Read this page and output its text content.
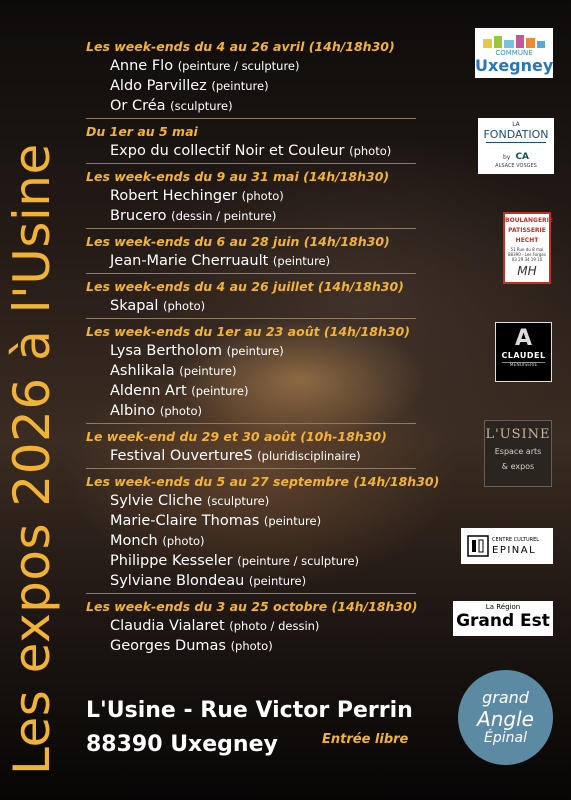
Les expos 2026 à l'Usine
Les week-ends du 4 au 26 avril (14h/18h30)
Anne Flo (peinture / sculpture)
Aldo Parvillez (peinture)
Or Créa (sculpture)
Du 1er au 5 mai
Expo du collectif Noir et Couleur (photo)
Les week-ends du 9 au 31 mai (14h/18h30)
Robert Hechinger (photo)
Brucero (dessin / peinture)
Les week-ends du 6 au 28 juin (14h/18h30)
Jean-Marie Cherruault (peinture)
Les week-ends du 4 au 26 juillet (14h/18h30)
Skapal (photo)
Les week-ends du 1er au 23 août (14h/18h30)
Lysa Bertholom (peinture)
Ashlikala (peinture)
Aldenn Art (peinture)
Albino (photo)
Le week-end du 29 et 30 août (10h-18h30)
Festival OuvertureS (pluridisciplinaire)
Les week-ends du 5 au 27 septembre (14h/18h30)
Sylvie Cliche (sculpture)
Marie-Claire Thomas (peinture)
Monch (photo)
Philippe Kesseler (peinture / sculpture)
Sylviane Blondeau (peinture)
Les week-ends du 3 au 25 octobre (14h/18h30)
Claudia Vialaret (photo / dessin)
Georges Dumas (photo)
L'Usine - Rue Victor Perrin
88390 Uxegney	Entrée libre
COMMUNE
Uxegney
LA
FONDATION
by CA
ALSACE VOSGES
BOULANGERIE
PATISSERIE
HECHT
51 Rue du 8 mai
88390 - Les Forges
03 29 34 19 10
MH
A
CLAUDEL
MENUISERIE
L'USINE
Espace arts
& expos
CENTRE CULTUREL
EPINAL
La Région
Grand Est
grand
Angle
Épinal
